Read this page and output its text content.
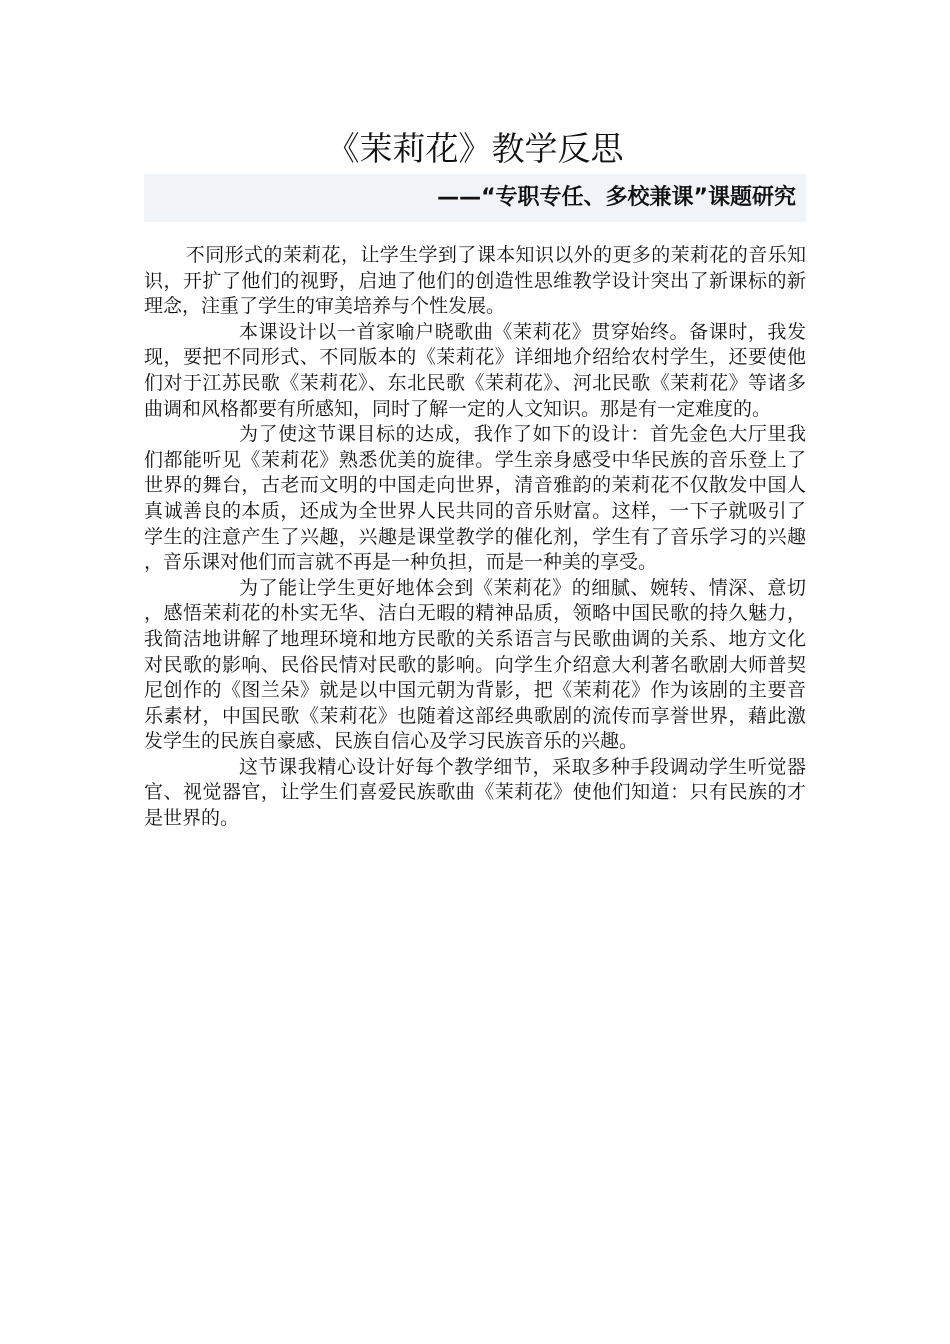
《茉莉花》教学反思
——“专职专任、多校兼课”课题研究

不同形式的茉莉花，让学生学到了课本知识以外的更多的茉莉花的音乐知识，开扩了他们的视野，启迪了他们的创造性思维教学设计突出了新课标的新理念，注重了学生的审美培养与个性发展。

本课设计以一首家喻户晓歌曲《茉莉花》贯穿始终。备课时，我发现，要把不同形式、不同版本的《茉莉花》详细地介绍给农村学生，还要使他们对于江苏民歌《茉莉花》、东北民歌《茉莉花》、河北民歌《茉莉花》等诸多曲调和风格都要有所感知，同时了解一定的人文知识。那是有一定难度的。

为了使这节课目标的达成，我作了如下的设计：首先金色大厅里我们都能听见《茉莉花》熟悉优美的旋律。学生亲身感受中华民族的音乐登上了世界的舞台，古老而文明的中国走向世界，清音雅韵的茉莉花不仅散发中国人真诚善良的本质，还成为全世界人民共同的音乐财富。这样，一下子就吸引了学生的注意产生了兴趣，兴趣是课堂教学的催化剂，学生有了音乐学习的兴趣，音乐课对他们而言就不再是一种负担，而是一种美的享受。

为了能让学生更好地体会到《茉莉花》的细腻、婉转、情深、意切，感悟茉莉花的朴实无华、洁白无暇的精神品质，领略中国民歌的持久魅力，我简洁地讲解了地理环境和地方民歌的关系语言与民歌曲调的关系、地方文化对民歌的影响、民俗民情对民歌的影响。向学生介绍意大利著名歌剧大师普契尼创作的《图兰朵》就是以中国元朝为背影，把《茉莉花》作为该剧的主要音乐素材，中国民歌《茉莉花》也随着这部经典歌剧的流传而享誉世界，藉此激发学生的民族自豪感、民族自信心及学习民族音乐的兴趣。

这节课我精心设计好每个教学细节，采取多种手段调动学生听觉器官、视觉器官，让学生们喜爱民族歌曲《茉莉花》使他们知道：只有民族的才是世界的。
